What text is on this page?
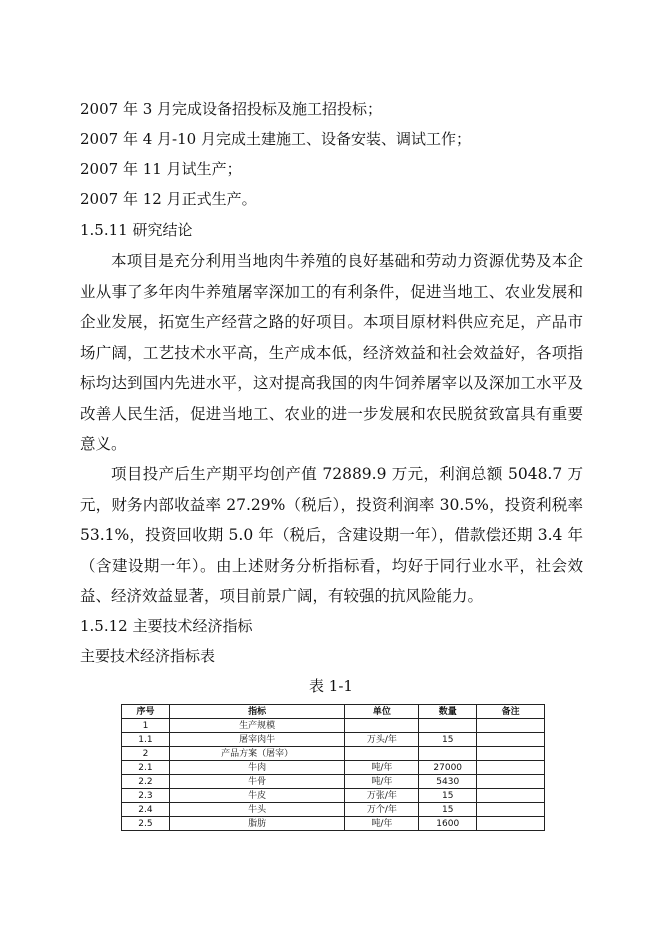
2007 年 3 月完成设备招投标及施工招投标；
2007 年 4 月-10 月完成土建施工、设备安装、调试工作；
2007 年 11 月试生产；
2007 年 12 月正式生产。
1.5.11 研究结论

本项目是充分利用当地肉牛养殖的良好基础和劳动力资源优势及本企业从事了多年肉牛养殖屠宰深加工的有利条件，促进当地工、农业发展和企业发展，拓宽生产经营之路的好项目。本项目原材料供应充足，产品市场广阔，工艺技术水平高，生产成本低，经济效益和社会效益好，各项指标均达到国内先进水平，这对提高我国的肉牛饲养屠宰以及深加工水平及改善人民生活，促进当地工、农业的进一步发展和农民脱贫致富具有重要意义。

项目投产后生产期平均创产值 72889.9 万元，利润总额 5048.7 万元，财务内部收益率 27.29%（税后），投资利润率 30.5%，投资利税率 53.1%，投资回收期 5.0 年（税后，含建设期一年），借款偿还期 3.4 年（含建设期一年）。由上述财务分析指标看，均好于同行业水平，社会效益、经济效益显著，项目前景广阔，有较强的抗风险能力。

1.5.12 主要技术经济指标
主要技术经济指标表
表 1-1
序号	指标	单位	数量	备注
1	生产规模			
1.1	屠宰肉牛	万头/年	15	
2	产品方案（屠宰）			
2.1	牛肉	吨/年	27000	
2.2	牛骨	吨/年	5430	
2.3	牛皮	万张/年	15	
2.4	牛头	万个/年	15	
2.5	脂肪	吨/年	1600	
